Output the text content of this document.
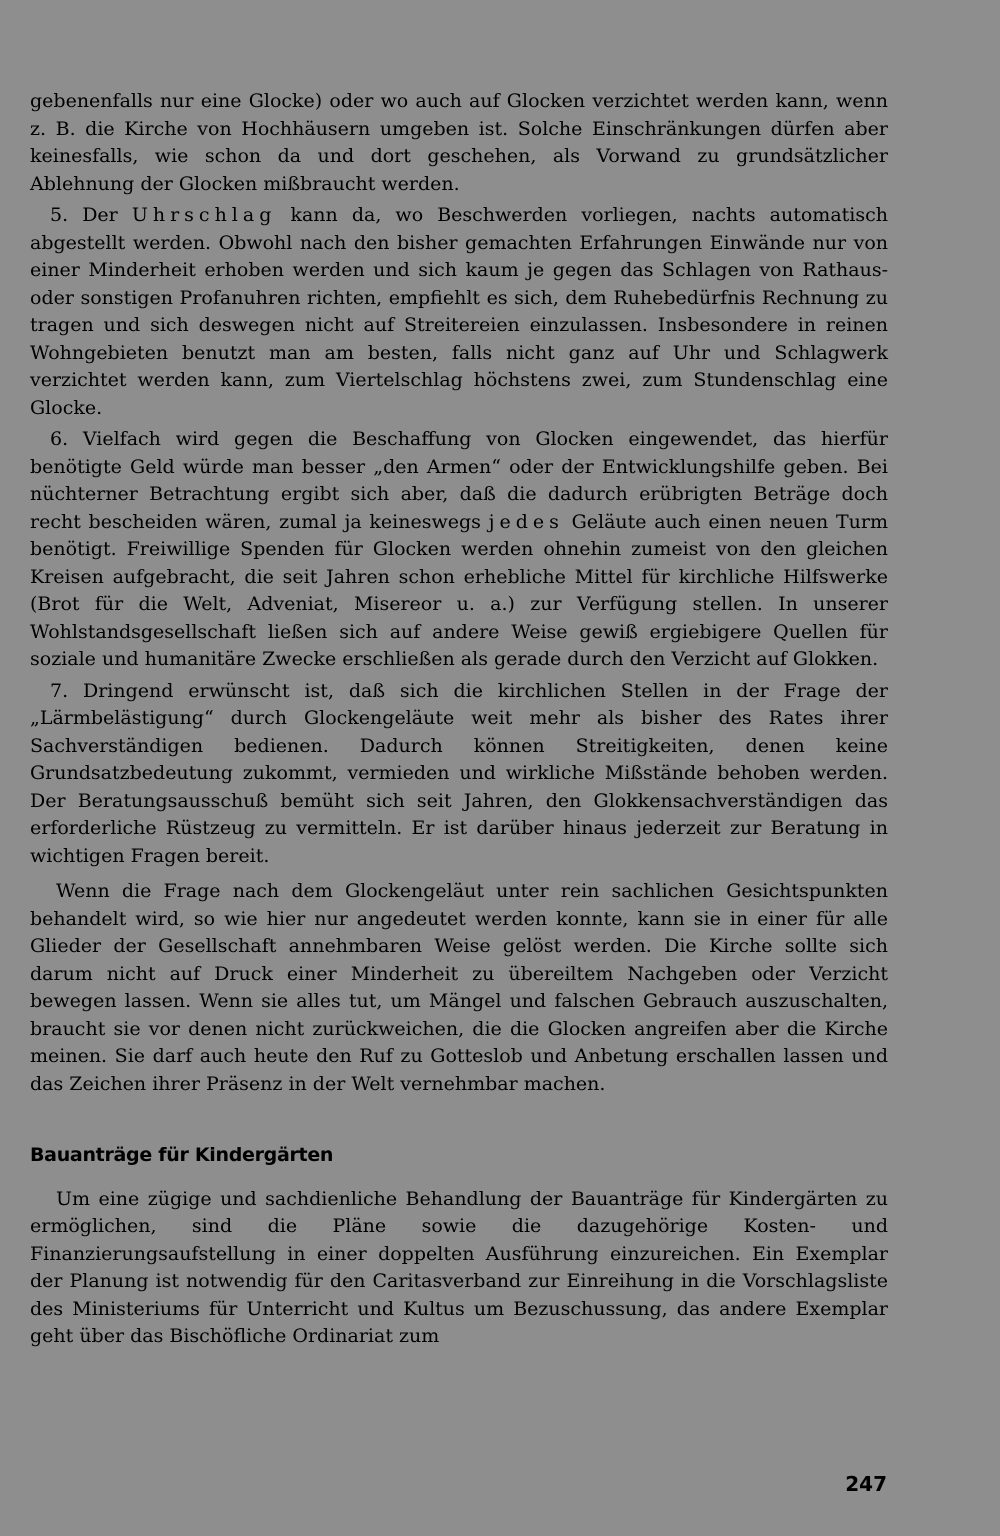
gebenenfalls nur eine Glocke) oder wo auch auf Glocken verzichtet werden kann, wenn z. B. die Kirche von Hochhäusern umgeben ist. Solche Einschränkungen dürfen aber keinesfalls, wie schon da und dort geschehen, als Vorwand zu grundsätzlicher Ablehnung der Glocken mißbraucht werden.

5. Der Uhrschlag kann da, wo Beschwerden vorliegen, nachts automatisch abgestellt werden. Obwohl nach den bisher gemachten Erfahrungen Einwände nur von einer Minderheit erhoben werden und sich kaum je gegen das Schlagen von Rathaus- oder sonstigen Profanuhren richten, empfiehlt es sich, dem Ruhebedürfnis Rechnung zu tragen und sich deswegen nicht auf Streitereien einzulassen. Insbesondere in reinen Wohngebieten benutzt man am besten, falls nicht ganz auf Uhr und Schlagwerk verzichtet werden kann, zum Viertelschlag höchstens zwei, zum Stundenschlag eine Glocke.

6. Vielfach wird gegen die Beschaffung von Glocken eingewendet, das hierfür benötigte Geld würde man besser „den Armen“ oder der Entwicklungshilfe geben. Bei nüchterner Betrachtung ergibt sich aber, daß die dadurch erübrigten Beträge doch recht bescheiden wären, zumal ja keineswegs jedes Geläute auch einen neuen Turm benötigt. Freiwillige Spenden für Glocken werden ohnehin zumeist von den gleichen Kreisen aufgebracht, die seit Jahren schon erhebliche Mittel für kirchliche Hilfswerke (Brot für die Welt, Adveniat, Misereor u. a.) zur Verfügung stellen. In unserer Wohlstandsgesellschaft ließen sich auf andere Weise gewiß ergiebigere Quellen für soziale und humanitäre Zwecke erschließen als gerade durch den Verzicht auf Glokken.

7. Dringend erwünscht ist, daß sich die kirchlichen Stellen in der Frage der „Lärmbelästigung“ durch Glockengeläute weit mehr als bisher des Rates ihrer Sachverständigen bedienen. Dadurch können Streitigkeiten, denen keine Grundsatzbedeutung zukommt, vermieden und wirkliche Mißstände behoben werden. Der Beratungsausschuß bemüht sich seit Jahren, den Glokkensachverständigen das erforderliche Rüstzeug zu vermitteln. Er ist darüber hinaus jederzeit zur Beratung in wichtigen Fragen bereit.

Wenn die Frage nach dem Glockengeläut unter rein sachlichen Gesichtspunkten behandelt wird, so wie hier nur angedeutet werden konnte, kann sie in einer für alle Glieder der Gesellschaft annehmbaren Weise gelöst werden. Die Kirche sollte sich darum nicht auf Druck einer Minderheit zu übereiltem Nachgeben oder Verzicht bewegen lassen. Wenn sie alles tut, um Mängel und falschen Gebrauch auszuschalten, braucht sie vor denen nicht zurückweichen, die die Glocken angreifen aber die Kirche meinen. Sie darf auch heute den Ruf zu Gotteslob und Anbetung erschallen lassen und das Zeichen ihrer Präsenz in der Welt vernehmbar machen.

Bauanträge für Kindergärten

Um eine zügige und sachdienliche Behandlung der Bauanträge für Kindergärten zu ermöglichen, sind die Pläne sowie die dazugehörige Kosten- und Finanzierungsaufstellung in einer doppelten Ausführung einzureichen. Ein Exemplar der Planung ist notwendig für den Caritasverband zur Einreihung in die Vorschlagsliste des Ministeriums für Unterricht und Kultus um Bezuschussung, das andere Exemplar geht über das Bischöfliche Ordinariat zum

247
